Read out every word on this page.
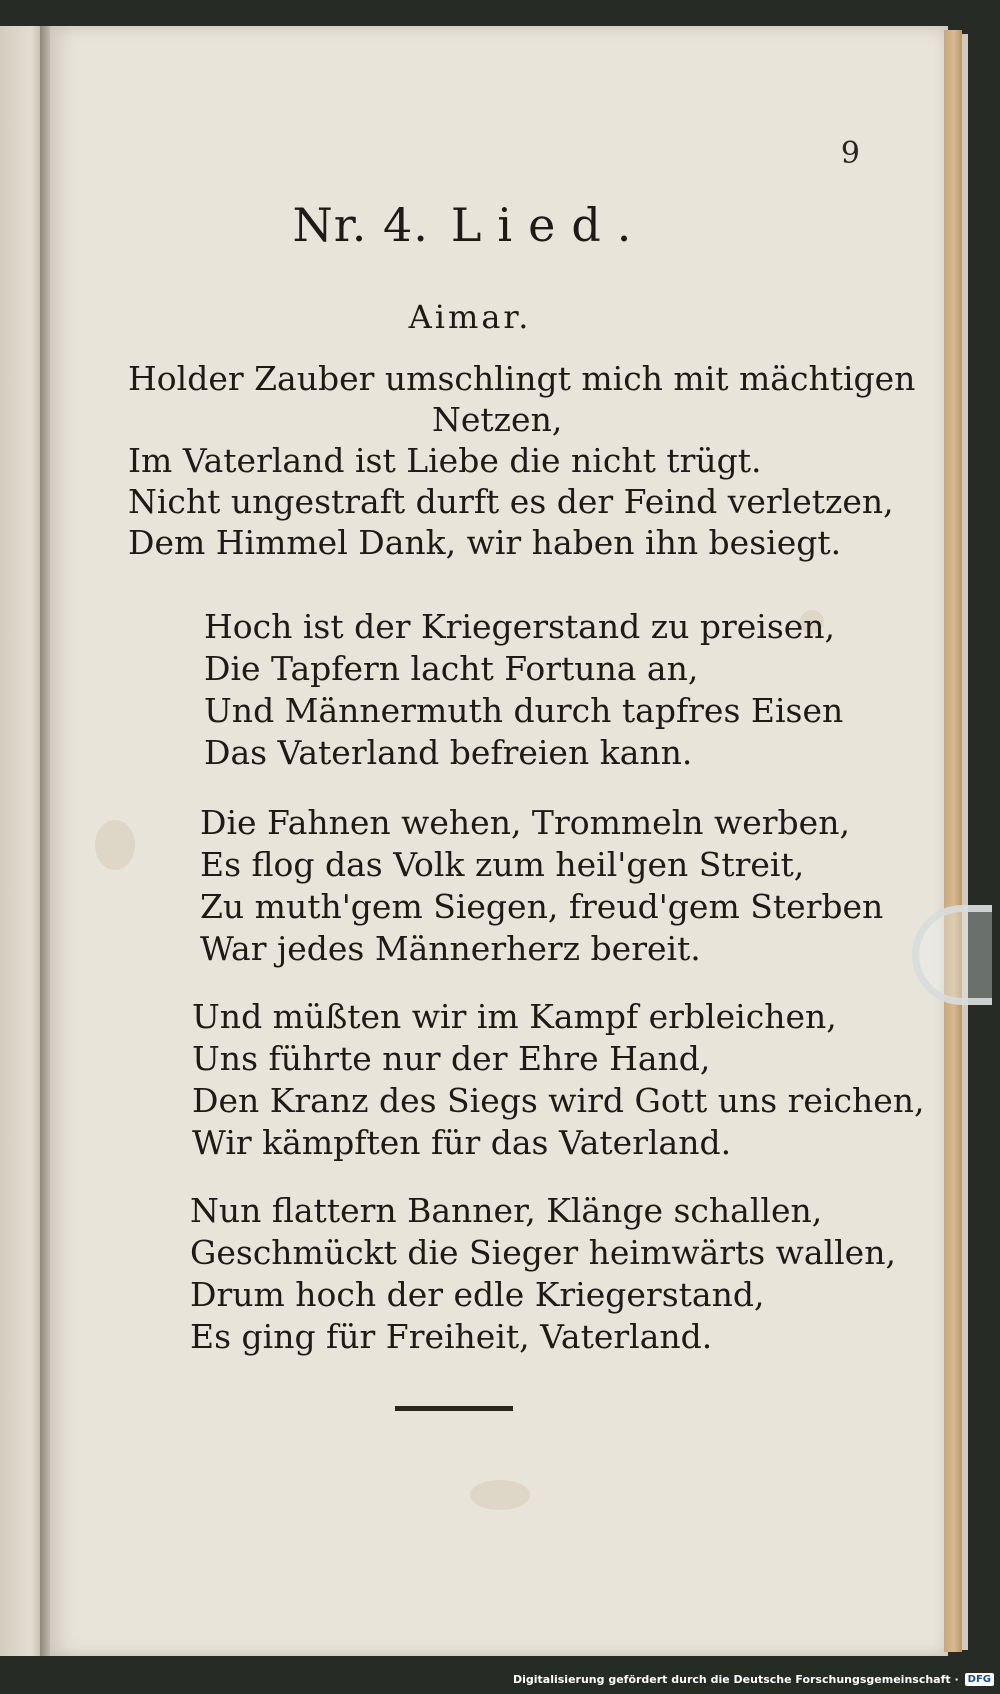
9
Nr. 4. Lied.
Aimar.
Holder Zauber umschlingt mich mit mächtigen
Netzen,
Im Vaterland ist Liebe die nicht trügt.
Nicht ungestraft durft es der Feind verletzen,
Dem Himmel Dank, wir haben ihn besiegt.
Hoch ist der Kriegerstand zu preisen,
Die Tapfern lacht Fortuna an,
Und Männermuth durch tapfres Eisen
Das Vaterland befreien kann.
Die Fahnen wehen, Trommeln werben,
Es flog das Volk zum heil'gen Streit,
Zu muth'gem Siegen, freud'gem Sterben
War jedes Männerherz bereit.
Und müßten wir im Kampf erbleichen,
Uns führte nur der Ehre Hand,
Den Kranz des Siegs wird Gott uns reichen,
Wir kämpften für das Vaterland.
Nun flattern Banner, Klänge schallen,
Geschmückt die Sieger heimwärts wallen,
Drum hoch der edle Kriegerstand,
Es ging für Freiheit, Vaterland.
Digitalisierung gefördert durch die Deutsche Forschungsgemeinschaft · DFG
